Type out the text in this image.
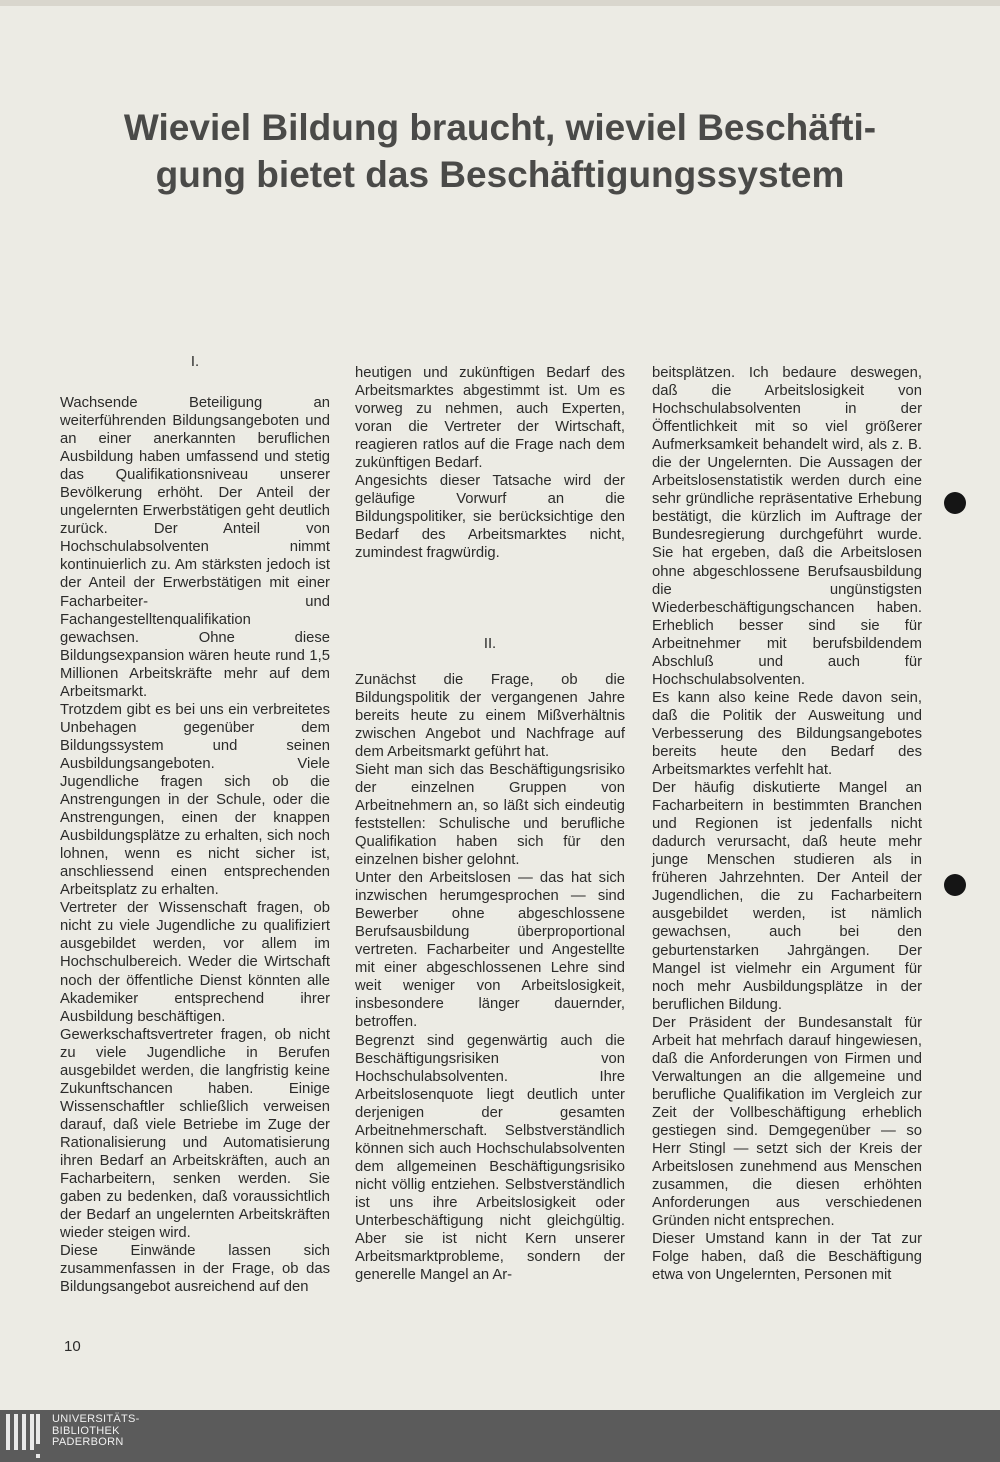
Wieviel Bildung braucht, wieviel Beschäfti-
gung bietet das Beschäftigungssystem
I.

Wachsende Beteiligung an weiterführenden Bildungsangeboten und an einer anerkannten beruflichen Ausbildung haben umfassend und stetig das Qualifikationsniveau unserer Bevölkerung erhöht. Der Anteil der ungelernten Erwerbstätigen geht deutlich zurück. Der Anteil von Hochschulabsolventen nimmt kontinuierlich zu. Am stärksten jedoch ist der Anteil der Erwerbstätigen mit einer Facharbeiter- und Fachangestelltenqualifikation gewachsen. Ohne diese Bildungsexpansion wären heute rund 1,5 Millionen Arbeitskräfte mehr auf dem Arbeitsmarkt.

Trotzdem gibt es bei uns ein verbreitetes Unbehagen gegenüber dem Bildungssystem und seinen Ausbildungsangeboten. Viele Jugendliche fragen sich ob die Anstrengungen in der Schule, oder die Anstrengungen, einen der knappen Ausbildungsplätze zu erhalten, sich noch lohnen, wenn es nicht sicher ist, anschliessend einen entsprechenden Arbeitsplatz zu erhalten.

Vertreter der Wissenschaft fragen, ob nicht zu viele Jugendliche zu qualifiziert ausgebildet werden, vor allem im Hochschulbereich. Weder die Wirtschaft noch der öffentliche Dienst könnten alle Akademiker entsprechend ihrer Ausbildung beschäftigen.

Gewerkschaftsvertreter fragen, ob nicht zu viele Jugendliche in Berufen ausgebildet werden, die langfristig keine Zukunftschancen haben. Einige Wissenschaftler schließlich verweisen darauf, daß viele Betriebe im Zuge der Rationalisierung und Automatisierung ihren Bedarf an Arbeitskräften, auch an Facharbeitern, senken werden. Sie gaben zu bedenken, daß voraussichtlich der Bedarf an ungelernten Arbeitskräften wieder steigen wird.

Diese Einwände lassen sich zusammenfassen in der Frage, ob das Bildungsangebot ausreichend auf den

heutigen und zukünftigen Bedarf des Arbeitsmarktes abgestimmt ist. Um es vorweg zu nehmen, auch Experten, voran die Vertreter der Wirtschaft, reagieren ratlos auf die Frage nach dem zukünftigen Bedarf.

Angesichts dieser Tatsache wird der geläufige Vorwurf an die Bildungspolitiker, sie berücksichtige den Bedarf des Arbeitsmarktes nicht, zumindest fragwürdig.

II.

Zunächst die Frage, ob die Bildungspolitik der vergangenen Jahre bereits heute zu einem Mißverhältnis zwischen Angebot und Nachfrage auf dem Arbeitsmarkt geführt hat.

Sieht man sich das Beschäftigungsrisiko der einzelnen Gruppen von Arbeitnehmern an, so läßt sich eindeutig feststellen: Schulische und berufliche Qualifikation haben sich für den einzelnen bisher gelohnt.

Unter den Arbeitslosen — das hat sich inzwischen herumgesprochen — sind Bewerber ohne abgeschlossene Berufsausbildung überproportional vertreten. Facharbeiter und Angestellte mit einer abgeschlossenen Lehre sind weit weniger von Arbeitslosigkeit, insbesondere länger dauernder, betroffen.

Begrenzt sind gegenwärtig auch die Beschäftigungsrisiken von Hochschulabsolventen. Ihre Arbeitslosenquote liegt deutlich unter derjenigen der gesamten Arbeitnehmerschaft. Selbstverständlich können sich auch Hochschulabsolventen dem allgemeinen Beschäftigungsrisiko nicht völlig entziehen. Selbstverständlich ist uns ihre Arbeitslosigkeit oder Unterbeschäftigung nicht gleichgültig. Aber sie ist nicht Kern unserer Arbeitsmarktprobleme, sondern der generelle Mangel an Ar-

beitsplätzen. Ich bedaure deswegen, daß die Arbeitslosigkeit von Hochschulabsolventen in der Öffentlichkeit mit so viel größerer Aufmerksamkeit behandelt wird, als z. B. die der Ungelernten. Die Aussagen der Arbeitslosenstatistik werden durch eine sehr gründliche repräsentative Erhebung bestätigt, die kürzlich im Auftrage der Bundesregierung durchgeführt wurde. Sie hat ergeben, daß die Arbeitslosen ohne abgeschlossene Berufsausbildung die ungünstigsten Wiederbeschäftigungschancen haben. Erheblich besser sind sie für Arbeitnehmer mit berufsbildendem Abschluß und auch für Hochschulabsolventen.

Es kann also keine Rede davon sein, daß die Politik der Ausweitung und Verbesserung des Bildungsangebotes bereits heute den Bedarf des Arbeitsmarktes verfehlt hat.

Der häufig diskutierte Mangel an Facharbeitern in bestimmten Branchen und Regionen ist jedenfalls nicht dadurch verursacht, daß heute mehr junge Menschen studieren als in früheren Jahrzehnten. Der Anteil der Jugendlichen, die zu Facharbeitern ausgebildet werden, ist nämlich gewachsen, auch bei den geburtenstarken Jahrgängen. Der Mangel ist vielmehr ein Argument für noch mehr Ausbildungsplätze in der beruflichen Bildung.

Der Präsident der Bundesanstalt für Arbeit hat mehrfach darauf hingewiesen, daß die Anforderungen von Firmen und Verwaltungen an die allgemeine und berufliche Qualifikation im Vergleich zur Zeit der Vollbeschäftigung erheblich gestiegen sind. Demgegenüber — so Herr Stingl — setzt sich der Kreis der Arbeitslosen zunehmend aus Menschen zusammen, die diesen erhöhten Anforderungen aus verschiedenen Gründen nicht entsprechen.

Dieser Umstand kann in der Tat zur Folge haben, daß die Beschäftigung etwa von Ungelernten, Personen mit

10
UNIVERSITÄTS-
BIBLIOTHEK
PADERBORN
